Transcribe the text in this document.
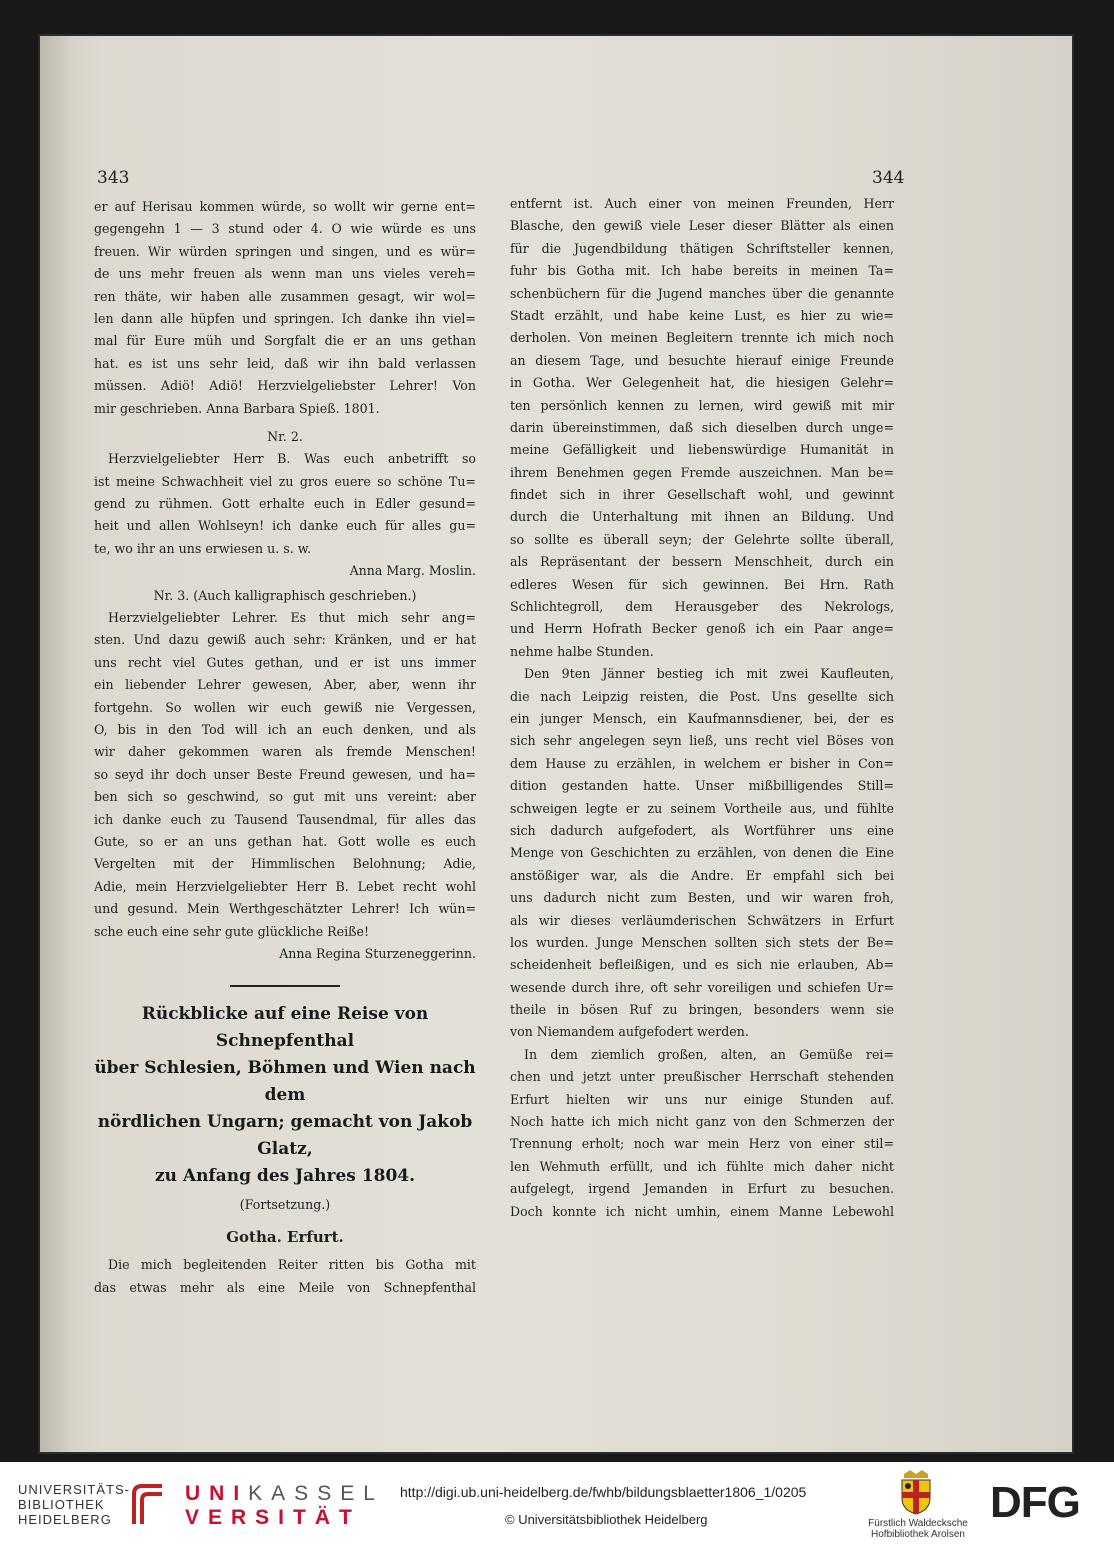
343	344
er auf Herisau kommen würde, so wollt wir gerne ent=
gegengehn 1 — 3 stund oder 4. O wie würde es uns
freuen. Wir würden springen und singen, und es wür=
de uns mehr freuen als wenn man uns vieles vereh=
ren thäte, wir haben alle zusammen gesagt, wir wol=
len dann alle hüpfen und springen. Ich danke ihn viel=
mal für Eure müh und Sorgfalt die er an uns gethan
hat. es ist uns sehr leid, daß wir ihn bald verlassen
müssen. Adiö! Adiö! Herzvielgeliebster Lehrer! Von
mir geschrieben. Anna Barbara Spieß. 1801.
Nr. 2.
Herzvielgeliebter Herr B. Was euch anbetrifft so
ist meine Schwachheit viel zu gros euere so schöne Tu=
gend zu rühmen. Gott erhalte euch in Edler gesund=
heit und allen Wohlseyn! ich danke euch für alles gu=
te, wo ihr an uns erwiesen u. s. w.
Anna Marg. Moslin.
Nr. 3. (Auch kalligraphisch geschrieben.)
Herzvielgeliebter Lehrer. Es thut mich sehr ang=
sten. Und dazu gewiß auch sehr: Kränken, und er hat
uns recht viel Gutes gethan, und er ist uns immer
ein liebender Lehrer gewesen, Aber, aber, wenn ihr
fortgehn. So wollen wir euch gewiß nie Vergessen,
O, bis in den Tod will ich an euch denken, und als
wir daher gekommen waren als fremde Menschen!
so seyd ihr doch unser Beste Freund gewesen, und ha=
ben sich so geschwind, so gut mit uns vereint: aber
ich danke euch zu Tausend Tausendmal, für alles das
Gute, so er an uns gethan hat. Gott wolle es euch
Vergelten mit der Himmlischen Belohnung; Adie,
Adie, mein Herzvielgeliebter Herr B. Lebet recht wohl
und gesund. Mein Werthgeschätzter Lehrer! Ich wün=
sche euch eine sehr gute glückliche Reiße!
Anna Regina Sturzeneggerinn.
Rückblicke auf eine Reise von Schnepfenthal
über Schlesien, Böhmen und Wien nach dem
nördlichen Ungarn; gemacht von Jakob Glatz,
zu Anfang des Jahres 1804.
(Fortsetzung.)
Gotha. Erfurt.
Die mich begleitenden Reiter ritten bis Gotha mit
das etwas mehr als eine Meile von Schnepfenthal
entfernt ist. Auch einer von meinen Freunden, Herr
Blasche, den gewiß viele Leser dieser Blätter als einen
für die Jugendbildung thätigen Schriftsteller kennen,
fuhr bis Gotha mit. Ich habe bereits in meinen Ta=
schenbüchern für die Jugend manches über die genannte
Stadt erzählt, und habe keine Lust, es hier zu wie=
derholen. Von meinen Begleitern trennte ich mich noch
an diesem Tage, und besuchte hierauf einige Freunde
in Gotha. Wer Gelegenheit hat, die hiesigen Gelehr=
ten persönlich kennen zu lernen, wird gewiß mit mir
darin übereinstimmen, daß sich dieselben durch unge=
meine Gefälligkeit und liebenswürdige Humanität in
ihrem Benehmen gegen Fremde auszeichnen. Man be=
findet sich in ihrer Gesellschaft wohl, und gewinnt
durch die Unterhaltung mit ihnen an Bildung. Und
so sollte es überall seyn; der Gelehrte sollte überall,
als Repräsentant der bessern Menschheit, durch ein
edleres Wesen für sich gewinnen. Bei Hrn. Rath
Schlichtegroll, dem Herausgeber des Nekrologs,
und Herrn Hofrath Becker genoß ich ein Paar ange=
nehme halbe Stunden.
Den 9ten Jänner bestieg ich mit zwei Kaufleuten,
die nach Leipzig reisten, die Post. Uns gesellte sich
ein junger Mensch, ein Kaufmannsdiener, bei, der es
sich sehr angelegen seyn ließ, uns recht viel Böses von
dem Hause zu erzählen, in welchem er bisher in Con=
dition gestanden hatte. Unser mißbilligendes Still=
schweigen legte er zu seinem Vortheile aus, und fühlte
sich dadurch aufgefodert, als Wortführer uns eine
Menge von Geschichten zu erzählen, von denen die Eine
anstößiger war, als die Andre. Er empfahl sich bei
uns dadurch nicht zum Besten, und wir waren froh,
als wir dieses verläumderischen Schwätzers in Erfurt
los wurden. Junge Menschen sollten sich stets der Be=
scheidenheit befleißigen, und es sich nie erlauben, Ab=
wesende durch ihre, oft sehr voreiligen und schiefen Ur=
theile in bösen Ruf zu bringen, besonders wenn sie
von Niemandem aufgefodert werden.
In dem ziemlich großen, alten, an Gemüße rei=
chen und jetzt unter preußischer Herrschaft stehenden
Erfurt hielten wir uns nur einige Stunden auf.
Noch hatte ich mich nicht ganz von den Schmerzen der
Trennung erholt; noch war mein Herz von einer stil=
len Wehmuth erfüllt, und ich fühlte mich daher nicht
aufgelegt, irgend Jemanden in Erfurt zu besuchen.
Doch konnte ich nicht umhin, einem Manne Lebewohl
UNIVERSITÄTS-
BIBLIOTHEK
HEIDELBERG
UNIKASSEL
VERSITÄT
http://digi.ub.uni-heidelberg.de/fwhb/bildungsblaetter1806_1/0205
© Universitätsbibliothek Heidelberg	Fürstlich Waldecksche
Hofbibliothek Arolsen
DFG
